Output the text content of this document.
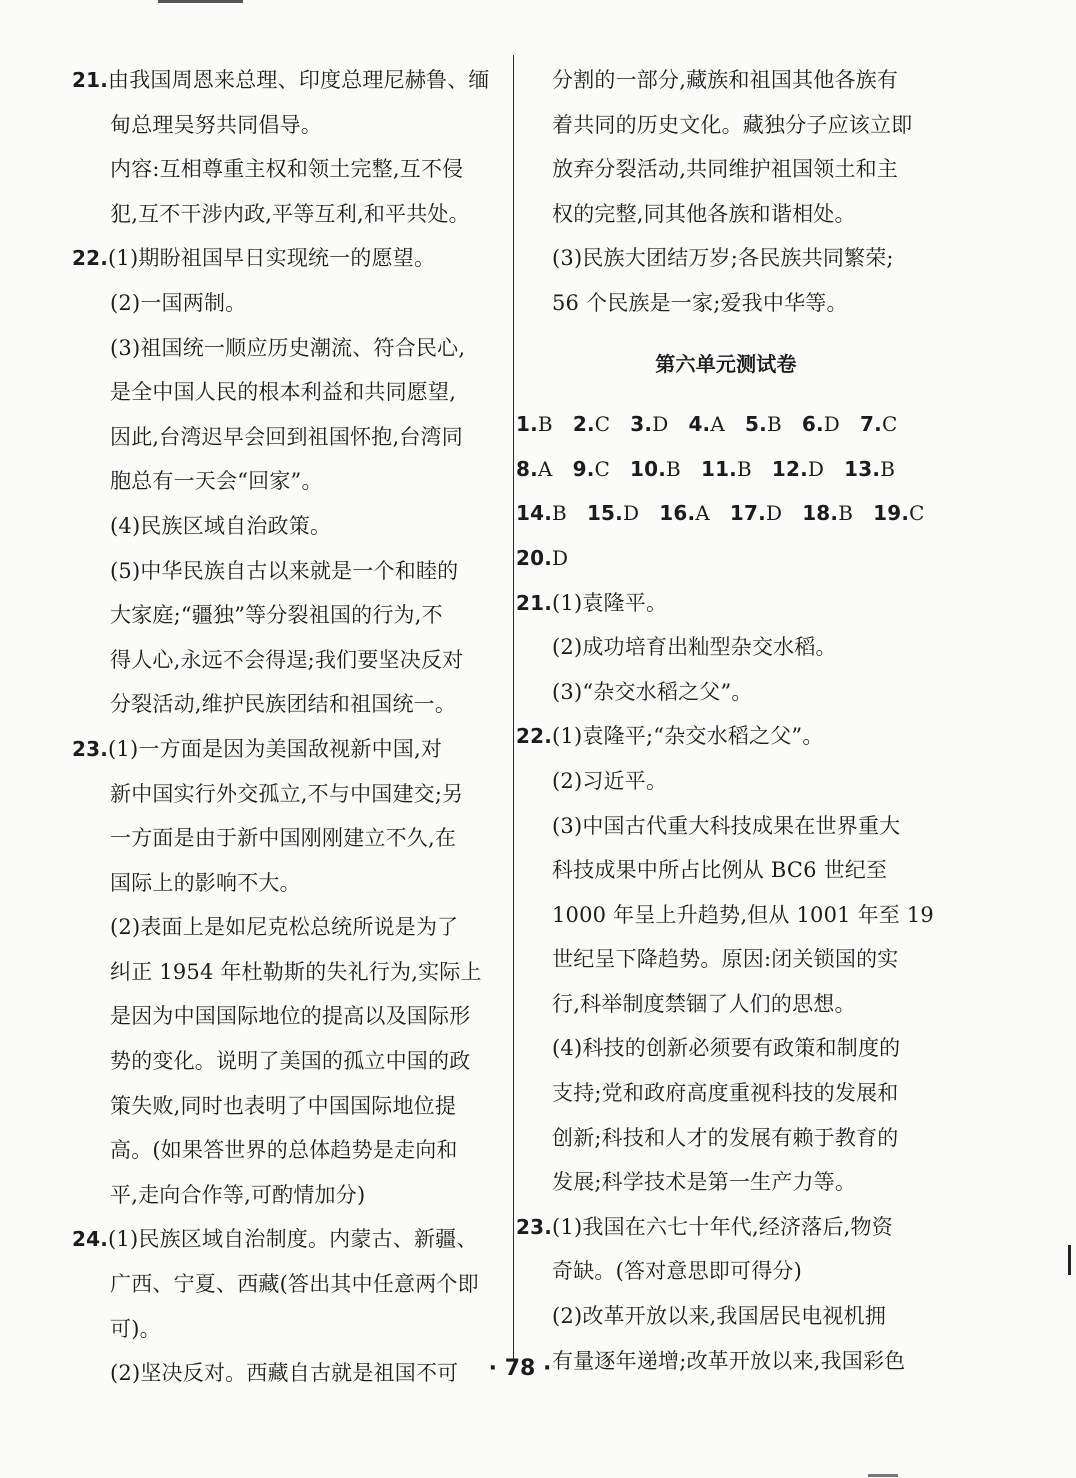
21.由我国周恩来总理、印度总理尼赫鲁、缅
甸总理吴努共同倡导。
内容:互相尊重主权和领土完整,互不侵
犯,互不干涉内政,平等互利,和平共处。
22.(1)期盼祖国早日实现统一的愿望。
(2)一国两制。
(3)祖国统一顺应历史潮流、符合民心,
是全中国人民的根本利益和共同愿望,
因此,台湾迟早会回到祖国怀抱,台湾同
胞总有一天会“回家”。
(4)民族区域自治政策。
(5)中华民族自古以来就是一个和睦的
大家庭;“疆独”等分裂祖国的行为,不
得人心,永远不会得逞;我们要坚决反对
分裂活动,维护民族团结和祖国统一。
23.(1)一方面是因为美国敌视新中国,对
新中国实行外交孤立,不与中国建交;另
一方面是由于新中国刚刚建立不久,在
国际上的影响不大。
(2)表面上是如尼克松总统所说是为了
纠正 1954 年杜勒斯的失礼行为,实际上
是因为中国国际地位的提高以及国际形
势的变化。说明了美国的孤立中国的政
策失败,同时也表明了中国国际地位提
高。(如果答世界的总体趋势是走向和
平,走向合作等,可酌情加分)
24.(1)民族区域自治制度。内蒙古、新疆、
广西、宁夏、西藏(答出其中任意两个即
可)。
(2)坚决反对。西藏自古就是祖国不可
分割的一部分,藏族和祖国其他各族有
着共同的历史文化。藏独分子应该立即
放弃分裂活动,共同维护祖国领土和主
权的完整,同其他各族和谐相处。
(3)民族大团结万岁;各民族共同繁荣;
56 个民族是一家;爱我中华等。
第六单元测试卷
1.B 2.C 3.D 4.A 5.B 6.D 7.C
8.A 9.C 10.B 11.B 12.D 13.B
14.B 15.D 16.A 17.D 18.B 19.C
20.D
21.(1)袁隆平。
(2)成功培育出籼型杂交水稻。
(3)“杂交水稻之父”。
22.(1)袁隆平;“杂交水稻之父”。
(2)习近平。
(3)中国古代重大科技成果在世界重大
科技成果中所占比例从 BC6 世纪至
1000 年呈上升趋势,但从 1001 年至 19
世纪呈下降趋势。原因:闭关锁国的实
行,科举制度禁锢了人们的思想。
(4)科技的创新必须要有政策和制度的
支持;党和政府高度重视科技的发展和
创新;科技和人才的发展有赖于教育的
发展;科学技术是第一生产力等。
23.(1)我国在六七十年代,经济落后,物资
奇缺。(答对意思即可得分)
(2)改革开放以来,我国居民电视机拥
有量逐年递增;改革开放以来,我国彩色
· 78 ·
